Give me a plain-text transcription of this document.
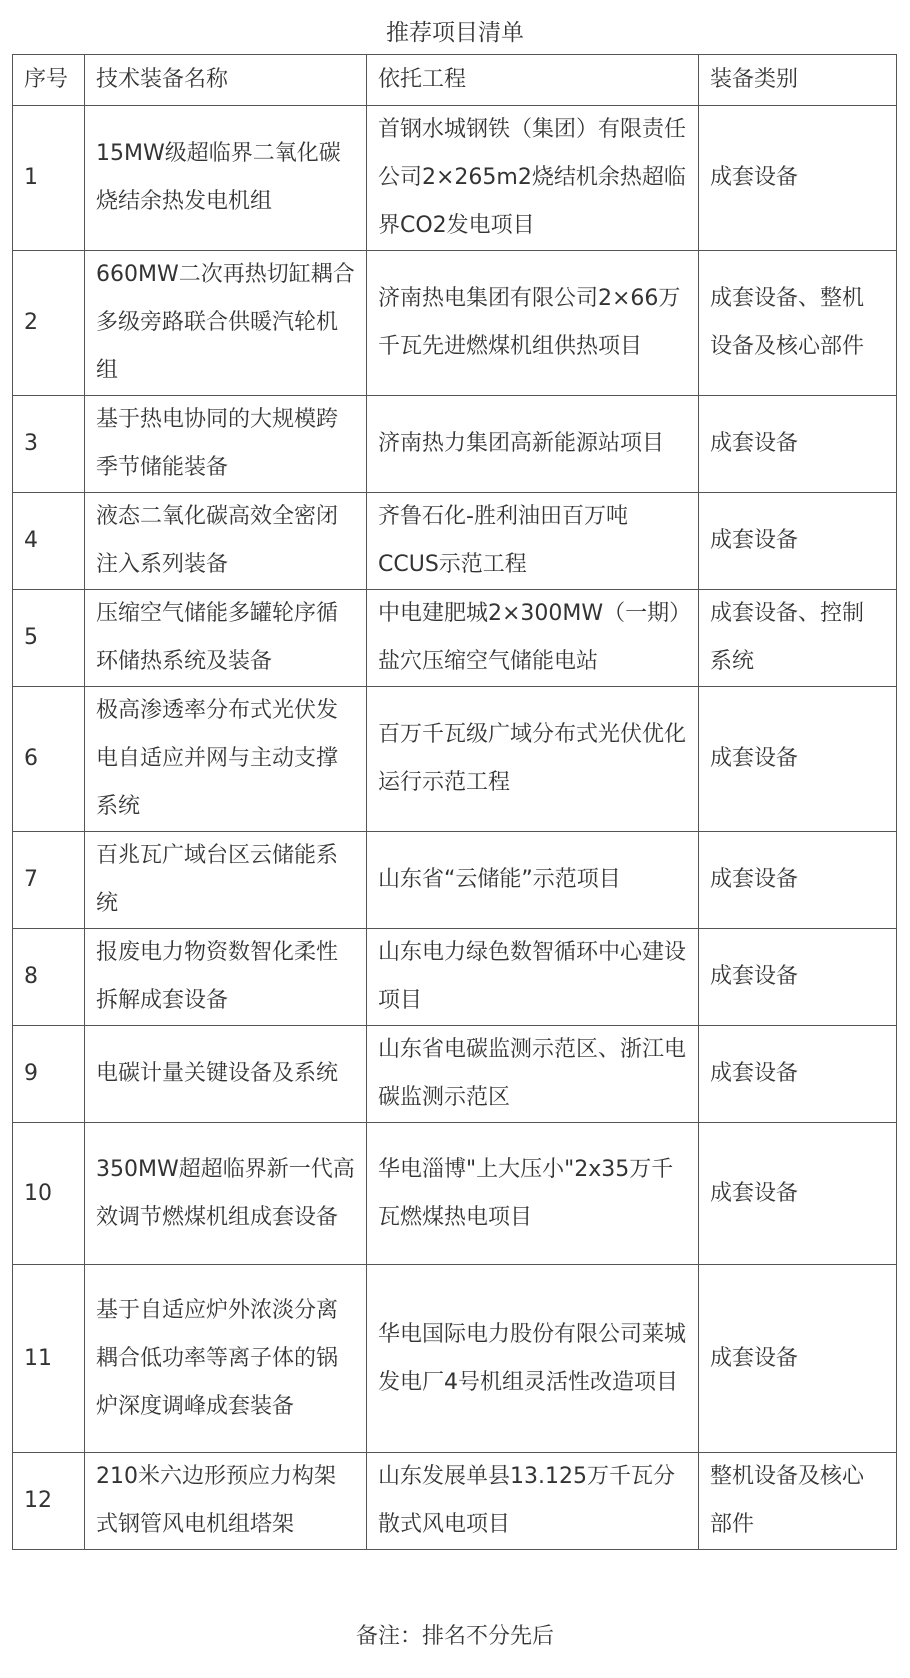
推荐项目清单
序号	技术装备名称	依托工程	装备类别
1	15MW级超临界二氧化碳烧结余热发电机组	首钢水城钢铁（集团）有限责任公司2×265m2烧结机余热超临界CO2发电项目	成套设备
2	660MW二次再热切缸耦合多级旁路联合供暖汽轮机组	济南热电集团有限公司2×66万千瓦先进燃煤机组供热项目	成套设备、整机设备及核心部件
3	基于热电协同的大规模跨季节储能装备	济南热力集团高新能源站项目	成套设备
4	液态二氧化碳高效全密闭注入系列装备	齐鲁石化-胜利油田百万吨CCUS示范工程	成套设备
5	压缩空气储能多罐轮序循环储热系统及装备	中电建肥城2×300MW（一期）盐穴压缩空气储能电站	成套设备、控制系统
6	极高渗透率分布式光伏发电自适应并网与主动支撑系统	百万千瓦级广域分布式光伏优化运行示范工程	成套设备
7	百兆瓦广域台区云储能系统	山东省“云储能”示范项目	成套设备
8	报废电力物资数智化柔性拆解成套设备	山东电力绿色数智循环中心建设项目	成套设备
9	电碳计量关键设备及系统	山东省电碳监测示范区、浙江电碳监测示范区	成套设备
10	350MW超超临界新一代高效调节燃煤机组成套设备	华电淄博"上大压小"2x35万千瓦燃煤热电项目	成套设备
11	基于自适应炉外浓淡分离耦合低功率等离子体的锅炉深度调峰成套装备	华电国际电力股份有限公司莱城发电厂4号机组灵活性改造项目	成套设备
12	210米六边形预应力构架式钢管风电机组塔架	山东发展单县13.125万千瓦分散式风电项目	整机设备及核心部件
备注：排名不分先后
